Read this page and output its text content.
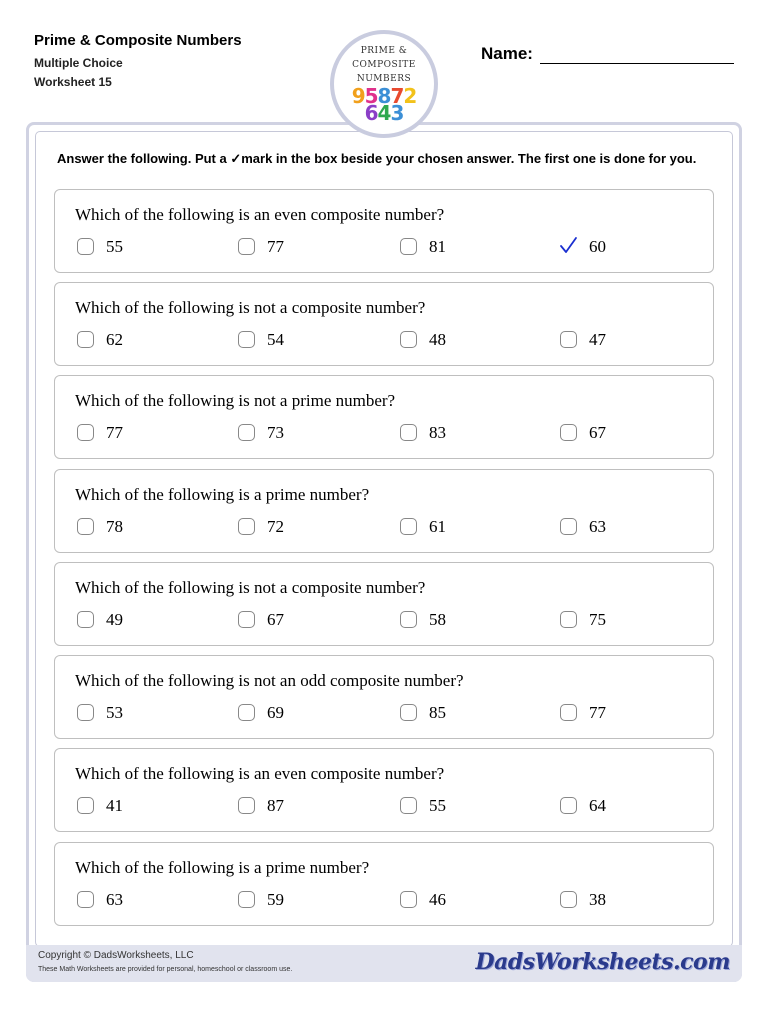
Prime & Composite Numbers
Multiple Choice
Worksheet 15
Name:
PRIME &
COMPOSITE
NUMBERS
95872
643
Answer the following. Put a ✓mark in the box beside your chosen answer. The first one is done for you.
Which of the following is an even composite number?
55	77	81	60
Which of the following is not a composite number?
62	54	48	47
Which of the following is not a prime number?
77	73	83	67
Which of the following is a prime number?
78	72	61	63
Which of the following is not a composite number?
49	67	58	75
Which of the following is not an odd composite number?
53	69	85	77
Which of the following is an even composite number?
41	87	55	64
Which of the following is a prime number?
63	59	46	38
Copyright © DadsWorksheets, LLC
These Math Worksheets are provided for personal, homeschool or classroom use.	DadsWorksheets.com
